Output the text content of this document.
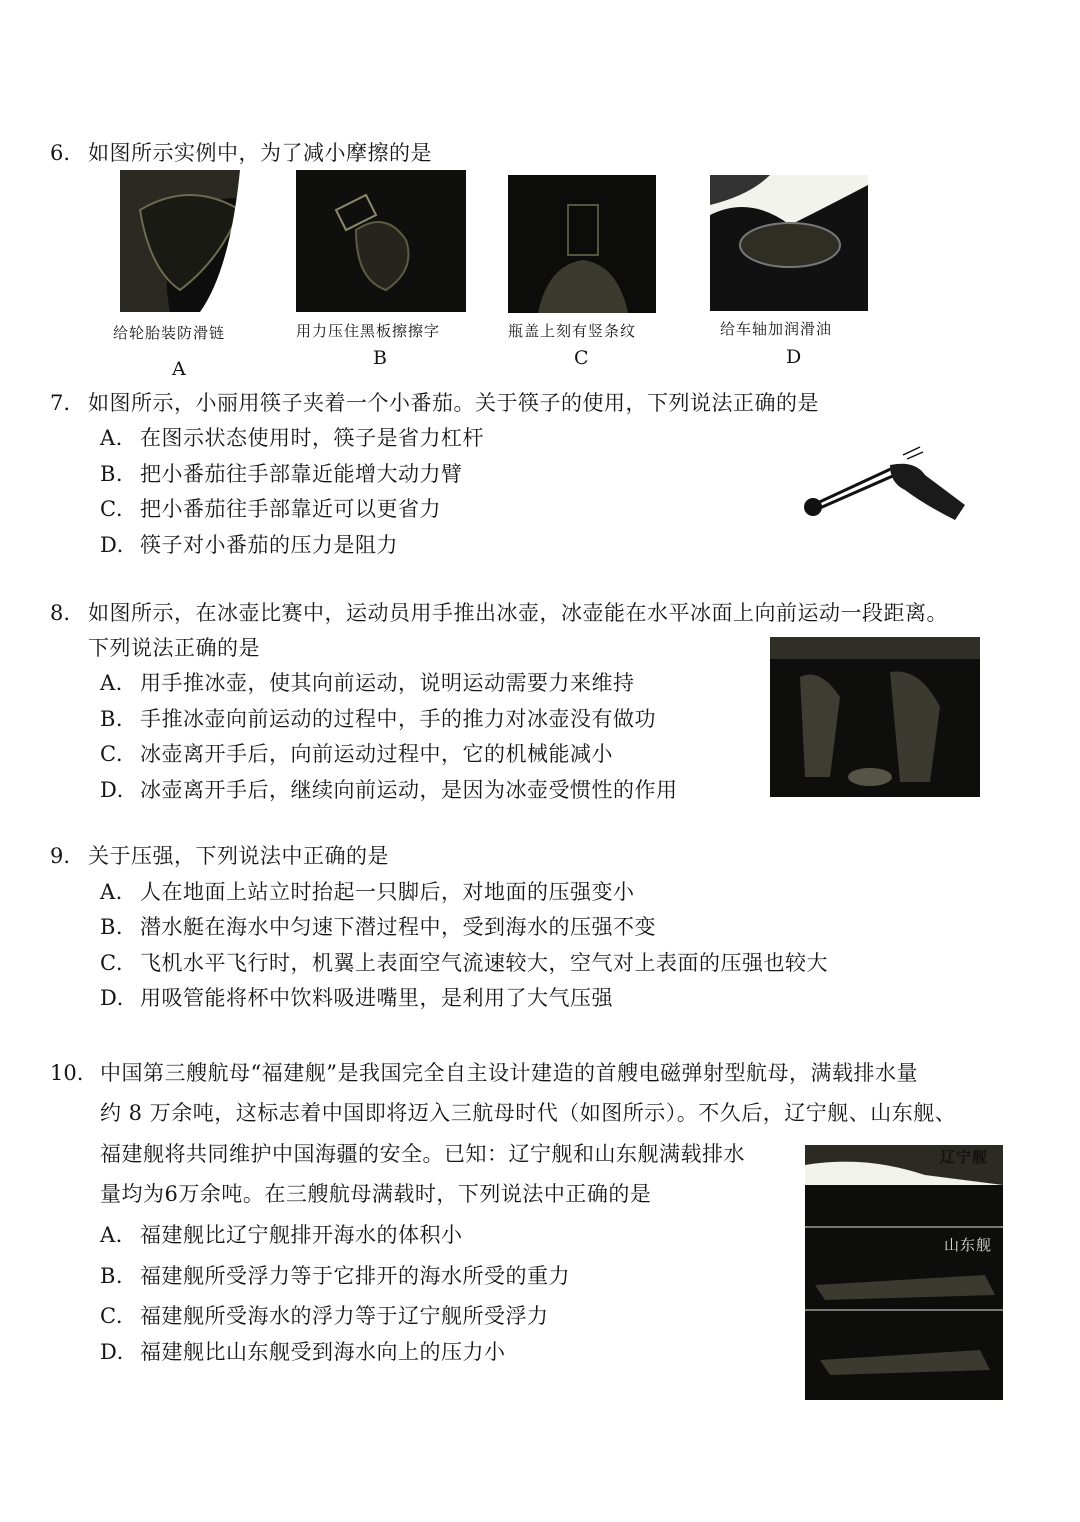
6. 如图所示实例中，为了减小摩擦的是
给轮胎装防滑链	用力压住黑板擦擦字	瓶盖上刻有竖条纹	给车轴加润滑油
A	B	C	D
7. 如图所示，小丽用筷子夹着一个小番茄。关于筷子的使用，下列说法正确的是
A. 在图示状态使用时，筷子是省力杠杆
B. 把小番茄往手部靠近能增大动力臂
C. 把小番茄往手部靠近可以更省力
D. 筷子对小番茄的压力是阻力
8. 如图所示，在冰壶比赛中，运动员用手推出冰壶，冰壶能在水平冰面上向前运动一段距离。
下列说法正确的是
A. 用手推冰壶，使其向前运动，说明运动需要力来维持
B. 手推冰壶向前运动的过程中，手的推力对冰壶没有做功
C. 冰壶离开手后，向前运动过程中，它的机械能减小
D. 冰壶离开手后，继续向前运动，是因为冰壶受惯性的作用
9. 关于压强，下列说法中正确的是
A. 人在地面上站立时抬起一只脚后，对地面的压强变小
B. 潜水艇在海水中匀速下潜过程中，受到海水的压强不变
C. 飞机水平飞行时，机翼上表面空气流速较大，空气对上表面的压强也较大
D. 用吸管能将杯中饮料吸进嘴里，是利用了大气压强
10. 中国第三艘航母“福建舰”是我国完全自主设计建造的首艘电磁弹射型航母，满载排水量
约 8 万余吨，这标志着中国即将迈入三航母时代（如图所示）。不久后，辽宁舰、山东舰、
福建舰将共同维护中国海疆的安全。已知：辽宁舰和山东舰满载排水
量均为6万余吨。在三艘航母满载时，下列说法中正确的是
A. 福建舰比辽宁舰排开海水的体积小
B. 福建舰所受浮力等于它排开的海水所受的重力
C. 福建舰所受海水的浮力等于辽宁舰所受浮力
D. 福建舰比山东舰受到海水向上的压力小
辽宁舰
山东舰
